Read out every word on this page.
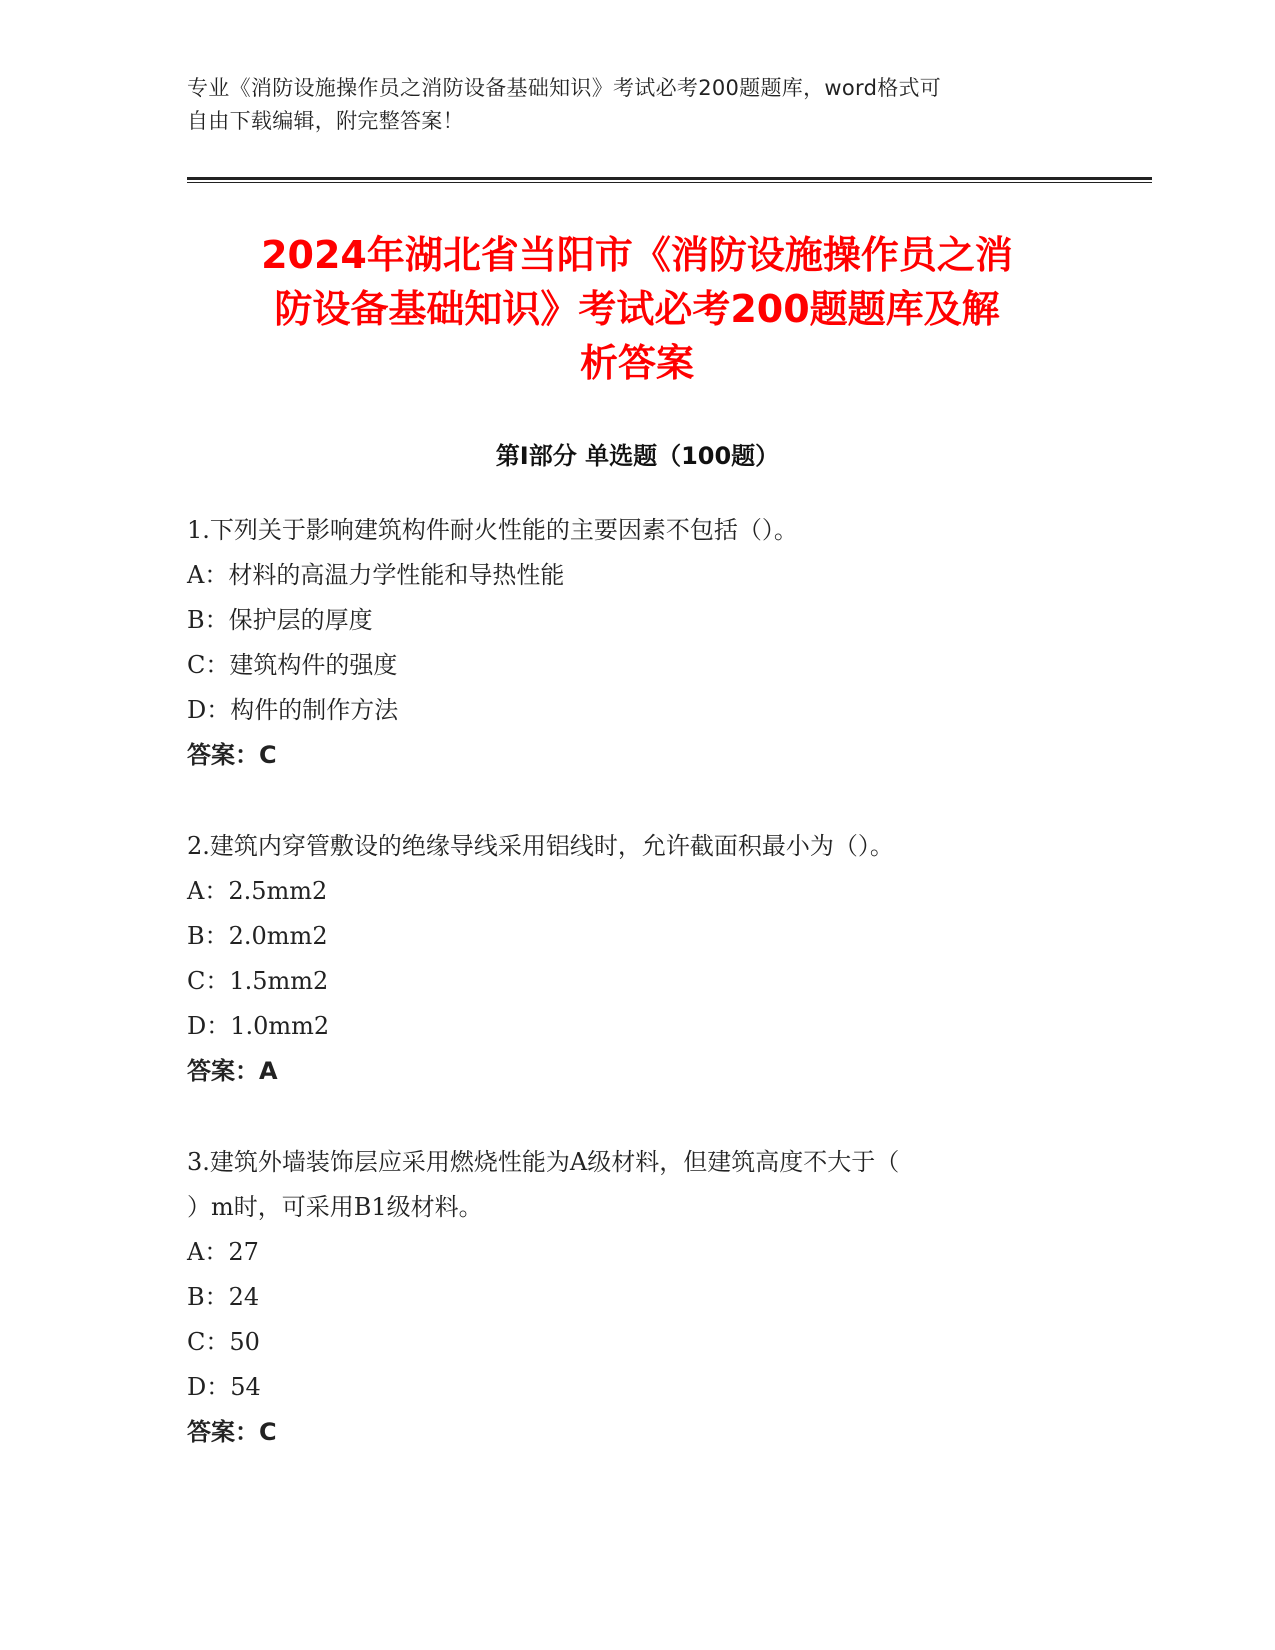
专业《消防设施操作员之消防设备基础知识》考试必考200题题库，word格式可
自由下载编辑，附完整答案！
2024年湖北省当阳市《消防设施操作员之消
防设备基础知识》考试必考200题题库及解
析答案
第Ⅰ部分 单选题（100题）
1.下列关于影响建筑构件耐火性能的主要因素不包括（）。
A：材料的高温力学性能和导热性能
B：保护层的厚度
C：建筑构件的强度
D：构件的制作方法
答案：C
2.建筑内穿管敷设的绝缘导线采用铝线时，允许截面积最小为（）。
A：2.5mm2
B：2.0mm2
C：1.5mm2
D：1.0mm2
答案：A
3.建筑外墙装饰层应采用燃烧性能为A级材料，但建筑高度不大于（
）m时，可采用B1级材料。
A：27
B：24
C：50
D：54
答案：C
